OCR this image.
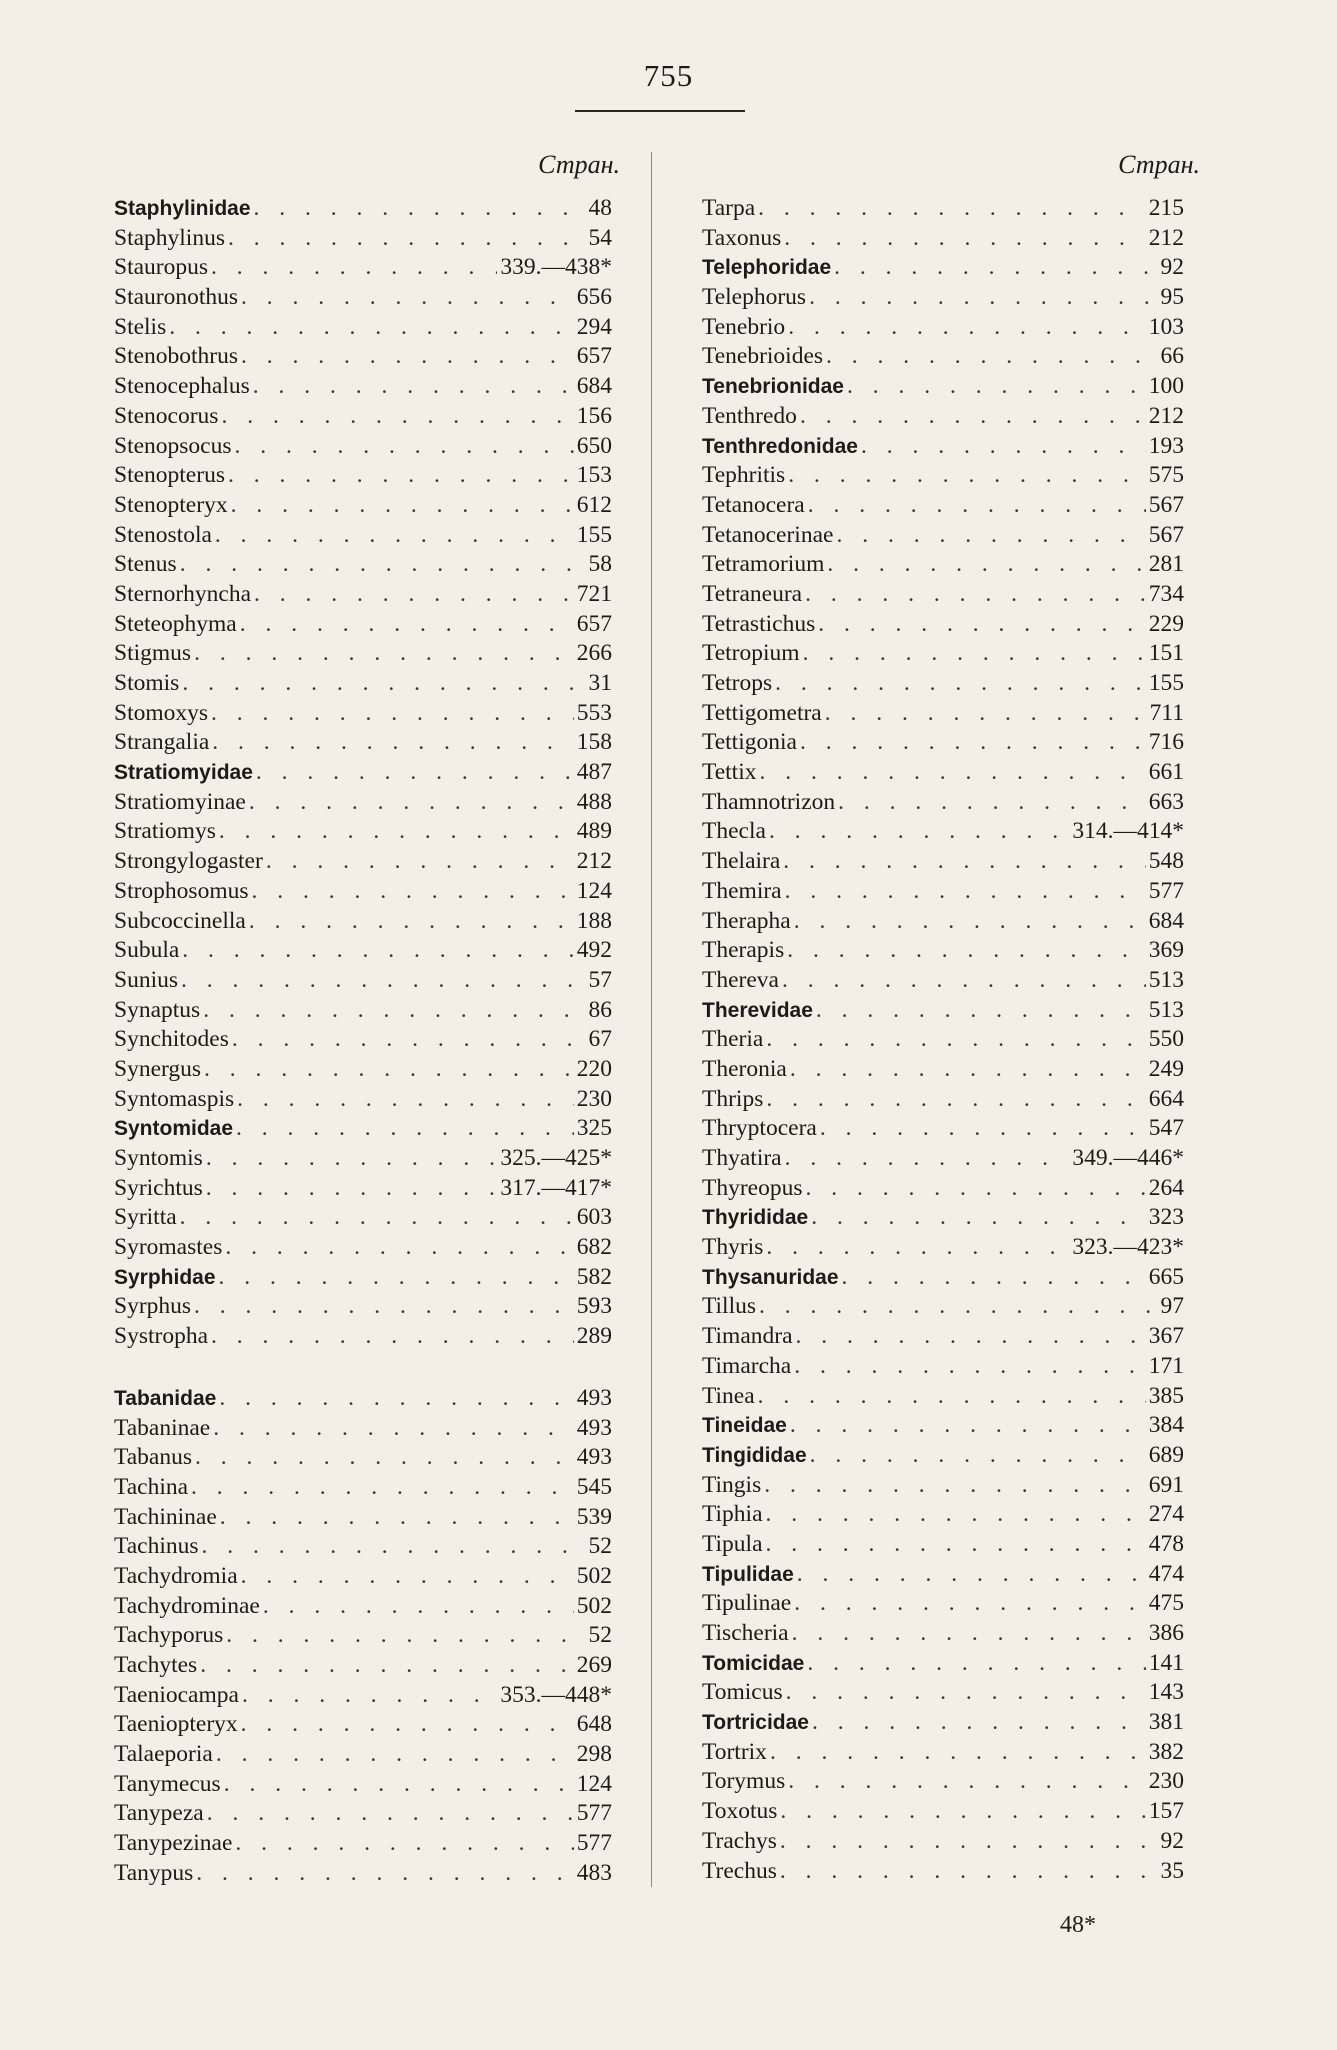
755
Стран.	Стран.
Staphylinidae . . .	48
Staphylinus . . .	54
Stauropus . . .	339.—438*
Stauronothus . . .	656
Stelis . . .	294
Stenobothrus . . .	657
Stenocephalus . . .	684
Stenocorus . . .	156
Stenopsocus . . .	650
Stenopterus . . .	153
Stenopteryx . . .	612
Stenostola . . .	155
Stenus . . .	58
Sternorhyncha . . .	721
Steteophyma . . .	657
Stigmus . . .	266
Stomis . . .	31
Stomoxys . . .	553
Strangalia . . .	158
Stratiomyidae . . .	487
Stratiomyinae . . .	488
Stratiomys . . .	489
Strongylogaster . . .	212
Strophosomus . . .	124
Subcoccinella . . .	188
Subula . . .	492
Sunius . . .	57
Synaptus . . .	86
Synchitodes . . .	67
Synergus . . .	220
Syntomaspis . . .	230
Syntomidae . . .	325
Syntomis . . .	325.—425*
Syrichtus . . .	317.—417*
Syritta . . .	603
Syromastes . . .	682
Syrphidae . . .	582
Syrphus . . .	593
Systropha . . .	289
Tabanidae . . .	493
Tabaninae . . .	493
Tabanus . . .	493
Tachina . . .	545
Tachininae . . .	539
Tachinus . . .	52
Tachydromia . . .	502
Tachydrominae . . .	502
Tachyporus . . .	52
Tachytes . . .	269
Taeniocampa . . .	353.—448*
Taeniopteryx . . .	648
Talaeporia . . .	298
Tanymecus . . .	124
Tanypeza . . .	577
Tanypezinae . . .	577
Tanypus . . .	483
Tarpa . . .	215
Taxonus . . .	212
Telephoridae . . .	92
Telephorus . . .	95
Tenebrio . . .	103
Tenebrioides . . .	66
Tenebrionidae . . .	100
Tenthredo . . .	212
Tenthredonidae . . .	193
Tephritis . . .	575
Tetanocera . . .	567
Tetanocerinae . . .	567
Tetramorium . . .	281
Tetraneura . . .	734
Tetrastichus . . .	229
Tetropium . . .	151
Tetrops . . .	155
Tettigometra . . .	711
Tettigonia . . .	716
Tettix . . .	661
Thamnotrizon . . .	663
Thecla . . .	314.—414*
Thelaira . . .	548
Themira . . .	577
Therapha . . .	684
Therapis . . .	369
Thereva . . .	513
Therevidae . . .	513
Theria . . .	550
Theronia . . .	249
Thrips . . .	664
Thryptocera . . .	547
Thyatira . . .	349.—446*
Thyreopus . . .	264
Thyrididae . . .	323
Thyris . . .	323.—423*
Thysanuridae . . .	665
Tillus . . .	97
Timandra . . .	367
Timarcha . . .	171
Tinea . . .	385
Tineidae . . .	384
Tingididae . . .	689
Tingis . . .	691
Tiphia . . .	274
Tipula . . .	478
Tipulidae . . .	474
Tipulinae . . .	475
Tischeria . . .	386
Tomicidae . . .	141
Tomicus . . .	143
Tortricidae . . .	381
Tortrix . . .	382
Torymus . . .	230
Toxotus . . .	157
Trachys . . .	92
Trechus . . .	35
48*
